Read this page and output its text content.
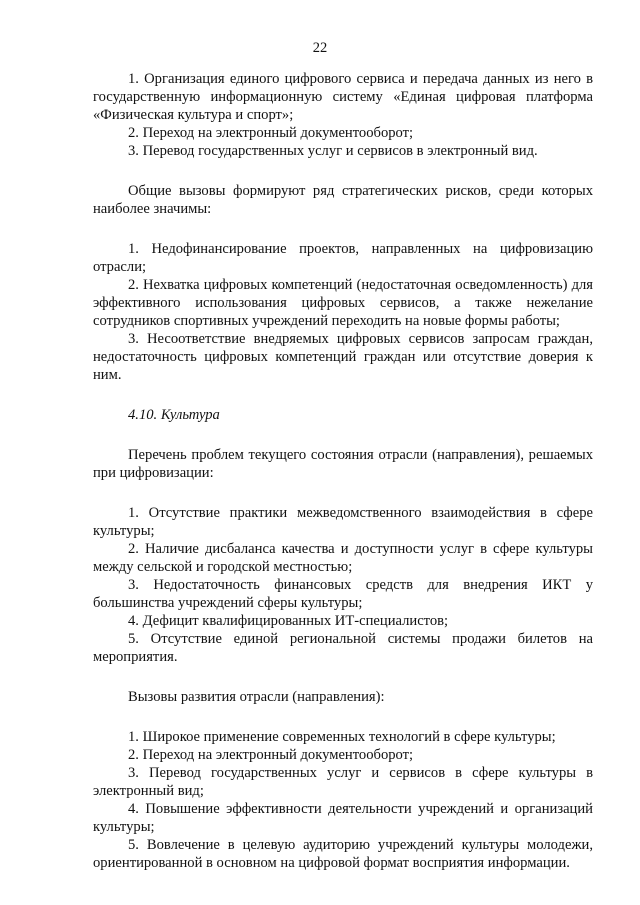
22

1. Организация единого цифрового сервиса и передача данных из него в государственную информационную систему «Единая цифровая платформа «Физическая культура и спорт»;

2. Переход на электронный документооборот;

3. Перевод государственных услуг и сервисов в электронный вид.

Общие вызовы формируют ряд стратегических рисков, среди которых наиболее значимы:

1. Недофинансирование проектов, направленных на цифровизацию отрасли;

2. Нехватка цифровых компетенций (недостаточная осведомленность) для эффективного использования цифровых сервисов, а также нежелание сотрудников спортивных учреждений переходить на новые формы работы;

3. Несоответствие внедряемых цифровых сервисов запросам граждан, недостаточность цифровых компетенций граждан или отсутствие доверия к ним.

4.10. Культура

Перечень проблем текущего состояния отрасли (направления), решаемых при цифровизации:

1. Отсутствие практики межведомственного взаимодействия в сфере культуры;

2. Наличие дисбаланса качества и доступности услуг в сфере культуры между сельской и городской местностью;

3. Недостаточность финансовых средств для внедрения ИКТ у большинства учреждений сферы культуры;

4. Дефицит квалифицированных ИТ-специалистов;

5. Отсутствие единой региональной системы продажи билетов на мероприятия.

Вызовы развития отрасли (направления):

1. Широкое применение современных технологий в сфере культуры;

2. Переход на электронный документооборот;

3. Перевод государственных услуг и сервисов в сфере культуры в электронный вид;

4. Повышение эффективности деятельности учреждений и организаций культуры;

5. Вовлечение в целевую аудиторию учреждений культуры молодежи, ориентированной в основном на цифровой формат восприятия информации.
